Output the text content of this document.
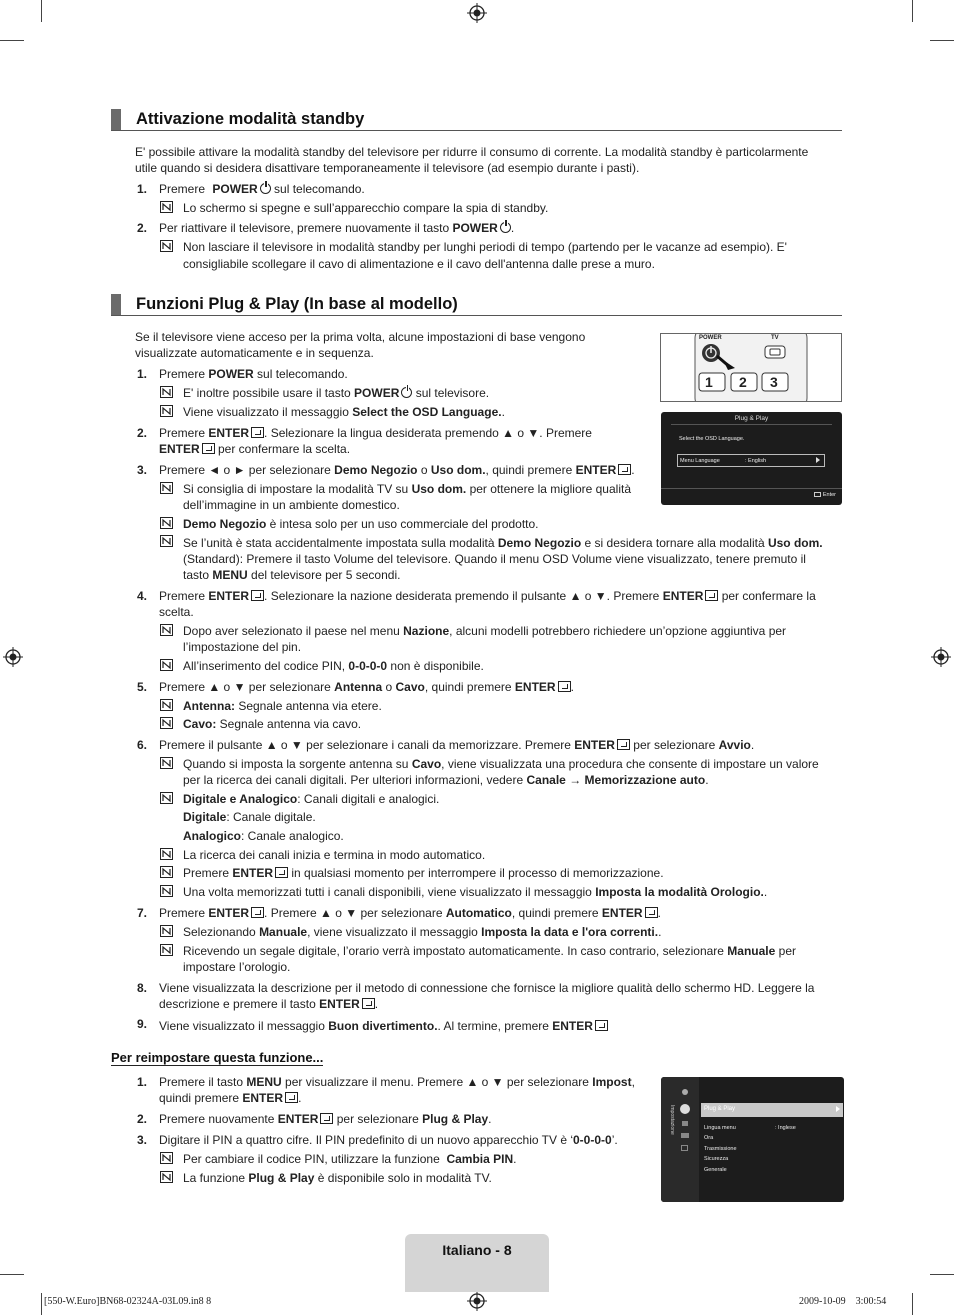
Attivazione modalità standby
E' possibile attivare la modalità standby del televisore per ridurre il consumo di corrente. La modalità standby è particolarmente
utile quando si desidera disattivare temporaneamente il televisore (ad esempio durante i pasti).
1. Premere POWER sul telecomando.
Lo schermo si spegne e sull’apparecchio compare la spia di standby.
2. Per riattivare il televisore, premere nuovamente il tasto POWER .
Non lasciare il televisore in modalità standby per lunghi periodi di tempo (partendo per le vacanze ad esempio). E'
consigliabile scollegare il cavo di alimentazione e il cavo dell'antenna dalle prese a muro.
Funzioni Plug & Play (In base al modello)
Se il televisore viene acceso per la prima volta, alcune impostazioni di base vengono
visualizzate automaticamente e in sequenza.
POWER	TV
1 2 3
Plug & Play
Select the OSD Language.
Menu Language	: English
Enter
1. Premere POWER sul telecomando.
E' inoltre possibile usare il tasto POWER sul televisore.
Viene visualizzato il messaggio Select the OSD Language..
2. Premere ENTER . Selezionare la lingua desiderata premendo ▲ o ▼. Premere
ENTER per confermare la scelta.
3. Premere ◄ o ► per selezionare Demo Negozio o Uso dom., quindi premere ENTER .
Si consiglia di impostare la modalità TV su Uso dom. per ottenere la migliore qualità
dell’immagine in un ambiente domestico.
Demo Negozio è intesa solo per un uso commerciale del prodotto.
Se l’unità è stata accidentalmente impostata sulla modalità Demo Negozio e si desidera tornare alla modalità Uso dom.
(Standard): Premere il tasto Volume del televisore. Quando il menu OSD Volume viene visualizzato, tenere premuto il
tasto MENU del televisore per 5 secondi.
4. Premere ENTER . Selezionare la nazione desiderata premendo il pulsante ▲ o ▼. Premere ENTER per confermare la
scelta.
Dopo aver selezionato il paese nel menu Nazione, alcuni modelli potrebbero richiedere un’opzione aggiuntiva per
l’impostazione del pin.
All’inserimento del codice PIN, 0-0-0-0 non è disponibile.
5. Premere ▲ o ▼ per selezionare Antenna o Cavo, quindi premere ENTER .
Antenna: Segnale antenna via etere.
Cavo: Segnale antenna via cavo.
6. Premere il pulsante ▲ o ▼ per selezionare i canali da memorizzare. Premere ENTER per selezionare Avvio.
Quando si imposta la sorgente antenna su Cavo, viene visualizzata una procedura che consente di impostare un valore
per la ricerca dei canali digitali. Per ulteriori informazioni, vedere Canale → Memorizzazione auto.
Digitale e Analogico: Canali digitali e analogici.
Digitale: Canale digitale.
Analogico: Canale analogico.
La ricerca dei canali inizia e termina in modo automatico.
Premere ENTER in qualsiasi momento per interrompere il processo di memorizzazione.
Una volta memorizzati tutti i canali disponibili, viene visualizzato il messaggio Imposta la modalità Orologio..
7. Premere ENTER . Premere ▲ o ▼ per selezionare Automatico, quindi premere ENTER .
Selezionando Manuale, viene visualizzato il messaggio Imposta la data e l'ora correnti..
Ricevendo un segale digitale, l’orario verrà impostato automaticamente. In caso contrario, selezionare Manuale per
impostare l’orologio.
8. Viene visualizzata la descrizione per il metodo di connessione che fornisce la migliore qualità dello schermo HD. Leggere la
descrizione e premere il tasto ENTER .
9. Viene visualizzato il messaggio Buon divertimento.. Al termine, premere ENTER
Per reimpostare questa funzione...
1. Premere il tasto MENU per visualizzare il menu. Premere ▲ o ▼ per selezionare Impost,
quindi premere ENTER .
2. Premere nuovamente ENTER per selezionare Plug & Play.
3. Digitare il PIN a quattro cifre. Il PIN predefinito di un nuovo apparecchio TV è ‘0-0-0-0’.
Per cambiare il codice PIN, utilizzare la funzione  Cambia PIN.
La funzione Plug & Play è disponibile solo in modalità TV.
Impostazione	Plug & Play
Lingua menu	: Inglese
Ora
Trasmissione
Sicurezza
Generale
Italiano - 8
[550-W.Euro]BN68-02324A-03L09.in8 8	2009-10-09    3:00:54
